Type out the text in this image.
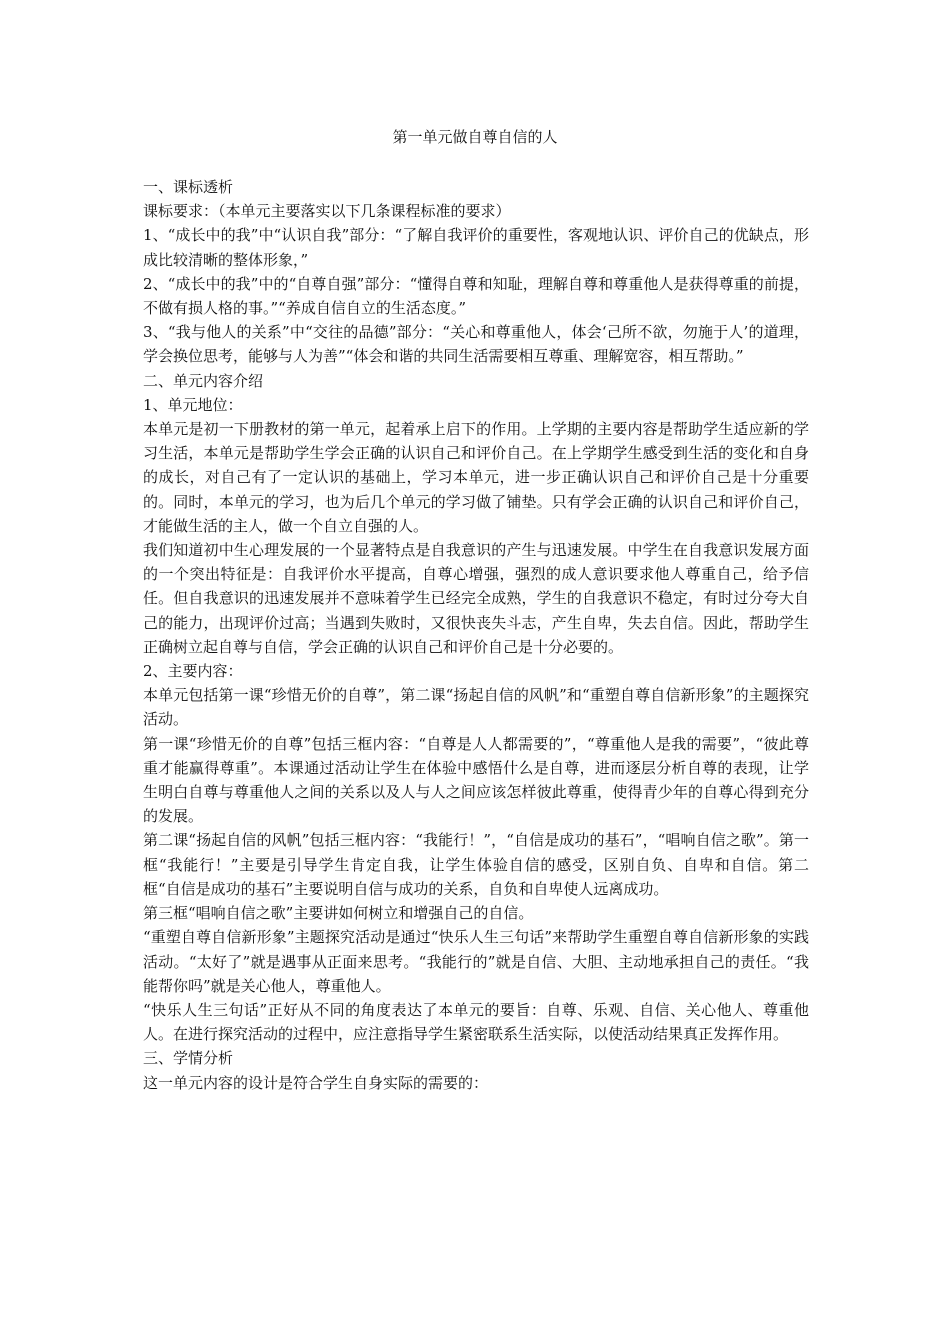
第一单元做自尊自信的人

一、课标透析

课标要求：（本单元主要落实以下几条课程标准的要求）

1、“成长中的我”中“认识自我”部分：“了解自我评价的重要性，客观地认识、评价自己的优缺点，形成比较清晰的整体形象，”

2、“成长中的我”中的“自尊自强”部分：“懂得自尊和知耻，理解自尊和尊重他人是获得尊重的前提，不做有损人格的事。”“养成自信自立的生活态度。”

3、“我与他人的关系”中“交往的品德”部分：“关心和尊重他人，体会‘己所不欲，勿施于人’的道理，学会换位思考，能够与人为善”“体会和谐的共同生活需要相互尊重、理解宽容，相互帮助。”

二、单元内容介绍

1、单元地位：

本单元是初一下册教材的第一单元，起着承上启下的作用。上学期的主要内容是帮助学生适应新的学习生活，本单元是帮助学生学会正确的认识自己和评价自己。在上学期学生感受到生活的变化和自身的成长，对自己有了一定认识的基础上，学习本单元，进一步正确认识自己和评价自己是十分重要的。同时，本单元的学习，也为后几个单元的学习做了铺垫。只有学会正确的认识自己和评价自己，才能做生活的主人，做一个自立自强的人。

我们知道初中生心理发展的一个显著特点是自我意识的产生与迅速发展。中学生在自我意识发展方面的一个突出特征是：自我评价水平提高，自尊心增强，强烈的成人意识要求他人尊重自己，给予信任。但自我意识的迅速发展并不意味着学生已经完全成熟，学生的自我意识不稳定，有时过分夸大自己的能力，出现评价过高；当遇到失败时，又很快丧失斗志，产生自卑，失去自信。因此，帮助学生正确树立起自尊与自信，学会正确的认识自己和评价自己是十分必要的。

2、主要内容：

本单元包括第一课“珍惜无价的自尊”，第二课“扬起自信的风帆”和“重塑自尊自信新形象”的主题探究活动。

第一课“珍惜无价的自尊”包括三框内容：“自尊是人人都需要的”，“尊重他人是我的需要”，“彼此尊重才能赢得尊重”。本课通过活动让学生在体验中感悟什么是自尊，进而逐层分析自尊的表现，让学生明白自尊与尊重他人之间的关系以及人与人之间应该怎样彼此尊重，使得青少年的自尊心得到充分的发展。

第二课“扬起自信的风帆”包括三框内容：“我能行！”，“自信是成功的基石”，“唱响自信之歌”。第一框“我能行！”主要是引导学生肯定自我，让学生体验自信的感受，区别自负、自卑和自信。第二框“自信是成功的基石”主要说明自信与成功的关系，自负和自卑使人远离成功。

第三框“唱响自信之歌”主要讲如何树立和增强自己的自信。

“重塑自尊自信新形象”主题探究活动是通过“快乐人生三句话”来帮助学生重塑自尊自信新形象的实践活动。“太好了”就是遇事从正面来思考。“我能行的”就是自信、大胆、主动地承担自己的责任。“我能帮你吗”就是关心他人，尊重他人。

“快乐人生三句话”正好从不同的角度表达了本单元的要旨：自尊、乐观、自信、关心他人、尊重他人。在进行探究活动的过程中，应注意指导学生紧密联系生活实际，以使活动结果真正发挥作用。

三、学情分析

这一单元内容的设计是符合学生自身实际的需要的：
